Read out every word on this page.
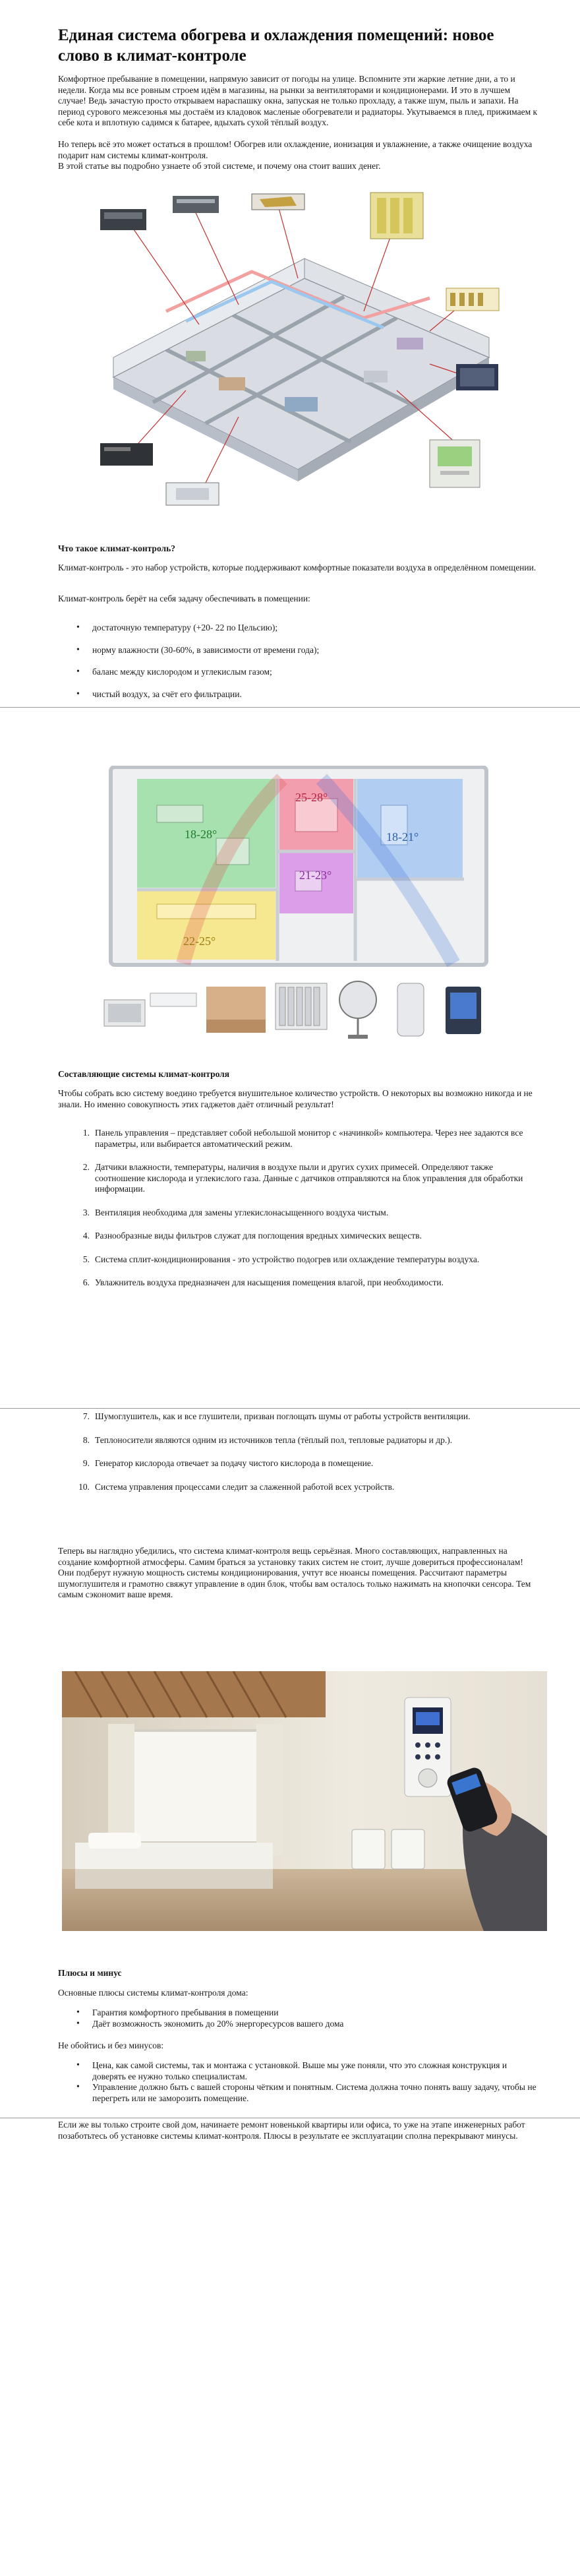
Единая система обогрева и охлаждения помещений: новое слово в климат-контроле

Комфортное пребывание в помещении, напрямую зависит от погоды на улице. Вспомните эти жаркие летние дни, а то и недели. Когда мы все ровным строем идём в магазины, на рынки за вентиляторами и кондиционерами. И это в лучшем случае! Ведь зачастую просто открываем нараспашку окна, запуская не только прохладу, а также шум, пыль и запахи. На период сурового межсезонья мы достаём из кладовок масленые обогреватели и радиаторы. Укутываемся в плед, прижимаем к себе кота и вплотную садимся к батарее, вдыхать сухой тёплый воздух.

Но теперь всё это может остаться в прошлом! Обогрев или охлаждение, ионизация и увлажнение, а также очищение воздуха подарит нам системы климат-контроля.

В этой статье вы подробно узнаете об этой системе, и почему она стоит ваших денег.

Что такое климат-контроль?

Климат-контроль - это набор устройств, которые поддерживают комфортные показатели воздуха в определённом помещении.

Климат-контроль берёт на себя задачу обеспечивать в помещении:

• достаточную температуру (+20- 22 по Цельсию);
• норму влажности (30-60%, в зависимости от времени года);
• баланс между кислородом и углекислым газом;
• чистый воздух, за счёт его фильтрации.
18-28°
25-28°
18-21°
21-23°
22-25°

Составляющие системы климат-контроля

Чтобы собрать всю систему воедино требуется внушительное количество устройств. О некоторых вы возможно никогда и не знали. Но именно совокупность этих гаджетов даёт отличный результат!

1. Панель управления – представляет собой небольшой монитор с «начинкой» компьютера. Через нее задаются все параметры, или выбирается автоматический режим.
2. Датчики влажности, температуры, наличия в воздухе пыли и других сухих примесей. Определяют также соотношение кислорода и углекислого газа. Данные с датчиков отправляются на блок управления для обработки информации.
3. Вентиляция необходима для замены углекислонасыщенного воздуха чистым.
4. Разнообразные виды фильтров служат для поглощения вредных химических веществ.
5. Система сплит-кондиционирования - это устройство подогрев или охлаждение температуры воздуха.
6. Увлажнитель воздуха предназначен для насыщения помещения влагой, при необходимости.
7. Шумоглушитель, как и все глушители, призван поглощать шумы от работы устройств вентиляции.
8. Теплоносители являются одним из источников тепла (тёплый пол, тепловые радиаторы и др.).
9. Генератор кислорода отвечает за подачу чистого кислорода в помещение.
10. Система управления процессами следит за слаженной работой всех устройств.

Теперь вы наглядно убедились, что система климат-контроля вещь серьёзная. Много составляющих, направленных на создание комфортной атмосферы. Самим браться за установку таких систем не стоит, лучше довериться профессионалам! Они подберут нужную мощность системы кондиционирования, учтут все нюансы помещения. Рассчитают параметры шумоглушителя и грамотно свяжут управление в один блок, чтобы вам осталось только нажимать на кнопочки сенсора. Тем самым сэкономит ваше время.

Плюсы и минус

Основные плюсы системы климат-контроля дома:

• Гарантия комфортного пребывания в помещении
• Даёт возможность экономить до 20% энергоресурсов вашего дома

Не обойтись и без минусов:

• Цена, как самой системы, так и монтажа с установкой. Выше мы уже поняли, что это сложная конструкция и доверять ее нужно только специалистам.
• Управление должно быть с вашей стороны чётким и понятным. Система должна точно понять вашу задачу, чтобы не перегреть или не заморозить помещение.

Если же вы только строите свой дом, начинаете ремонт новенькой квартиры или офиса, то уже на этапе инженерных работ позаботьтесь об установке системы климат-контроля. Плюсы в результате ее эксплуатации сполна перекрывают минусы.
